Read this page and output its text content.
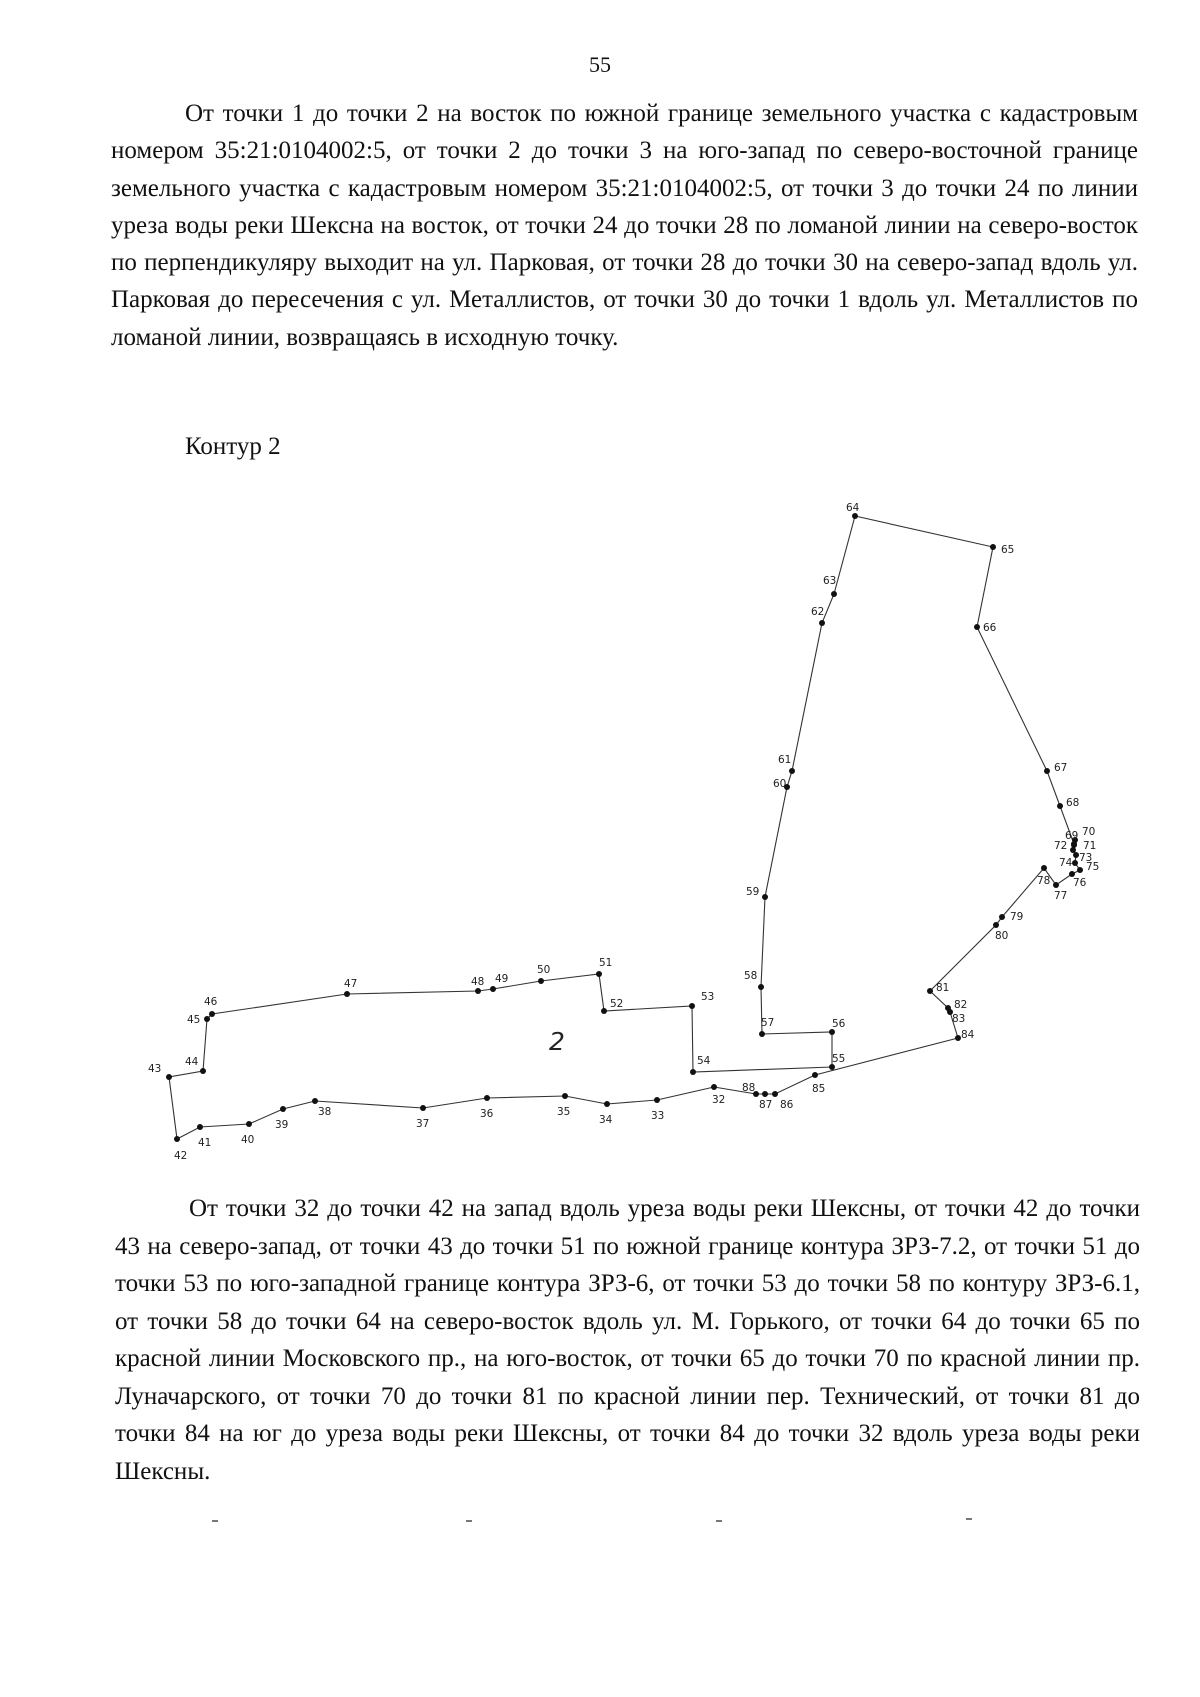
55

От точки 1 до точки 2 на восток по южной границе земельного участка с кадастровым номером 35:21:0104002:5, от точки 2 до точки 3 на юго-запад по северо-восточной границе земельного участка с кадастровым номером 35:21:0104002:5, от точки 3 до точки 24 по линии уреза воды реки Шексна на восток, от точки 24 до точки 28 по ломаной линии на северо-восток по перпендикуляру выходит на ул. Парковая, от точки 28 до точки 30 на северо-запад вдоль ул. Парковая до пересечения с ул. Металлистов, от точки 30 до точки 1 вдоль ул. Металлистов по ломаной линии, возвращаясь в исходную точку.

Контур 2
32
33
34
35
36
37
38
39
40
41
42
43
44
45
46
47	48 49
50
51
52
53
54	55
56
57
58
59
60
61
62
63
64
65
66
67
68
69 70
71
72
73
74 75
76
77
78
79
80
81
82
83
84
85
86
87
88
2

От точки 32 до точки 42 на запад вдоль уреза воды реки Шексны, от точки 42 до точки 43 на северо-запад, от точки 43 до точки 51 по южной границе контура ЗРЗ-7.2, от точки 51 до точки 53 по юго-западной границе контура ЗРЗ-6, от точки 53 до точки 58 по контуру ЗРЗ-6.1, от точки 58 до точки 64 на северо-восток вдоль ул. М. Горького, от точки 64 до точки 65 по красной линии Московского пр., на юго-восток, от точки 65 до точки 70 по красной линии пр. Луначарского, от точки 70 до точки 81 по красной линии пер. Технический, от точки 81 до точки 84 на юг до уреза воды реки Шексны, от точки 84 до точки 32 вдоль уреза воды реки Шексны.
